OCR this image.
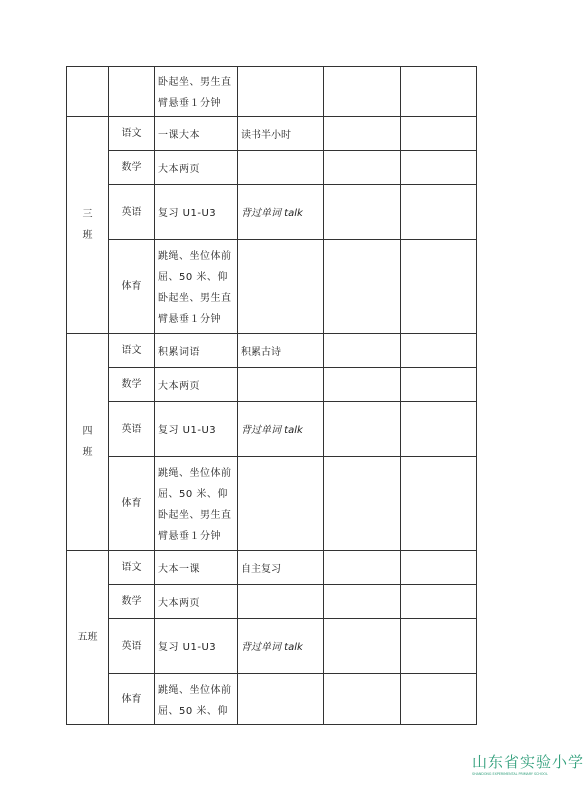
		卧起坐、男生直臂悬垂１分钟			
三
班	语文	一课大本	读书半小时		
	数学	大本两页			
	英语	复习 U1-U3	背过单词 talk		
	体育	跳绳、坐位体前屈、50 米、仰卧起坐、男生直臂悬垂１分钟			
四
班	语文	积累词语	积累古诗		
	数学	大本两页			
	英语	复习 U1-U3	背过单词 talk		
	体育	跳绳、坐位体前屈、50 米、仰卧起坐、男生直臂悬垂１分钟			
五班	语文	大本一课	自主复习		
	数学	大本两页			
	英语	复习 U1-U3	背过单词 talk		
	体育	跳绳、坐位体前屈、50 米、仰			
山东省实验小学
SHANDONG EXPERIMENTAL PRIMARY SCHOOL
